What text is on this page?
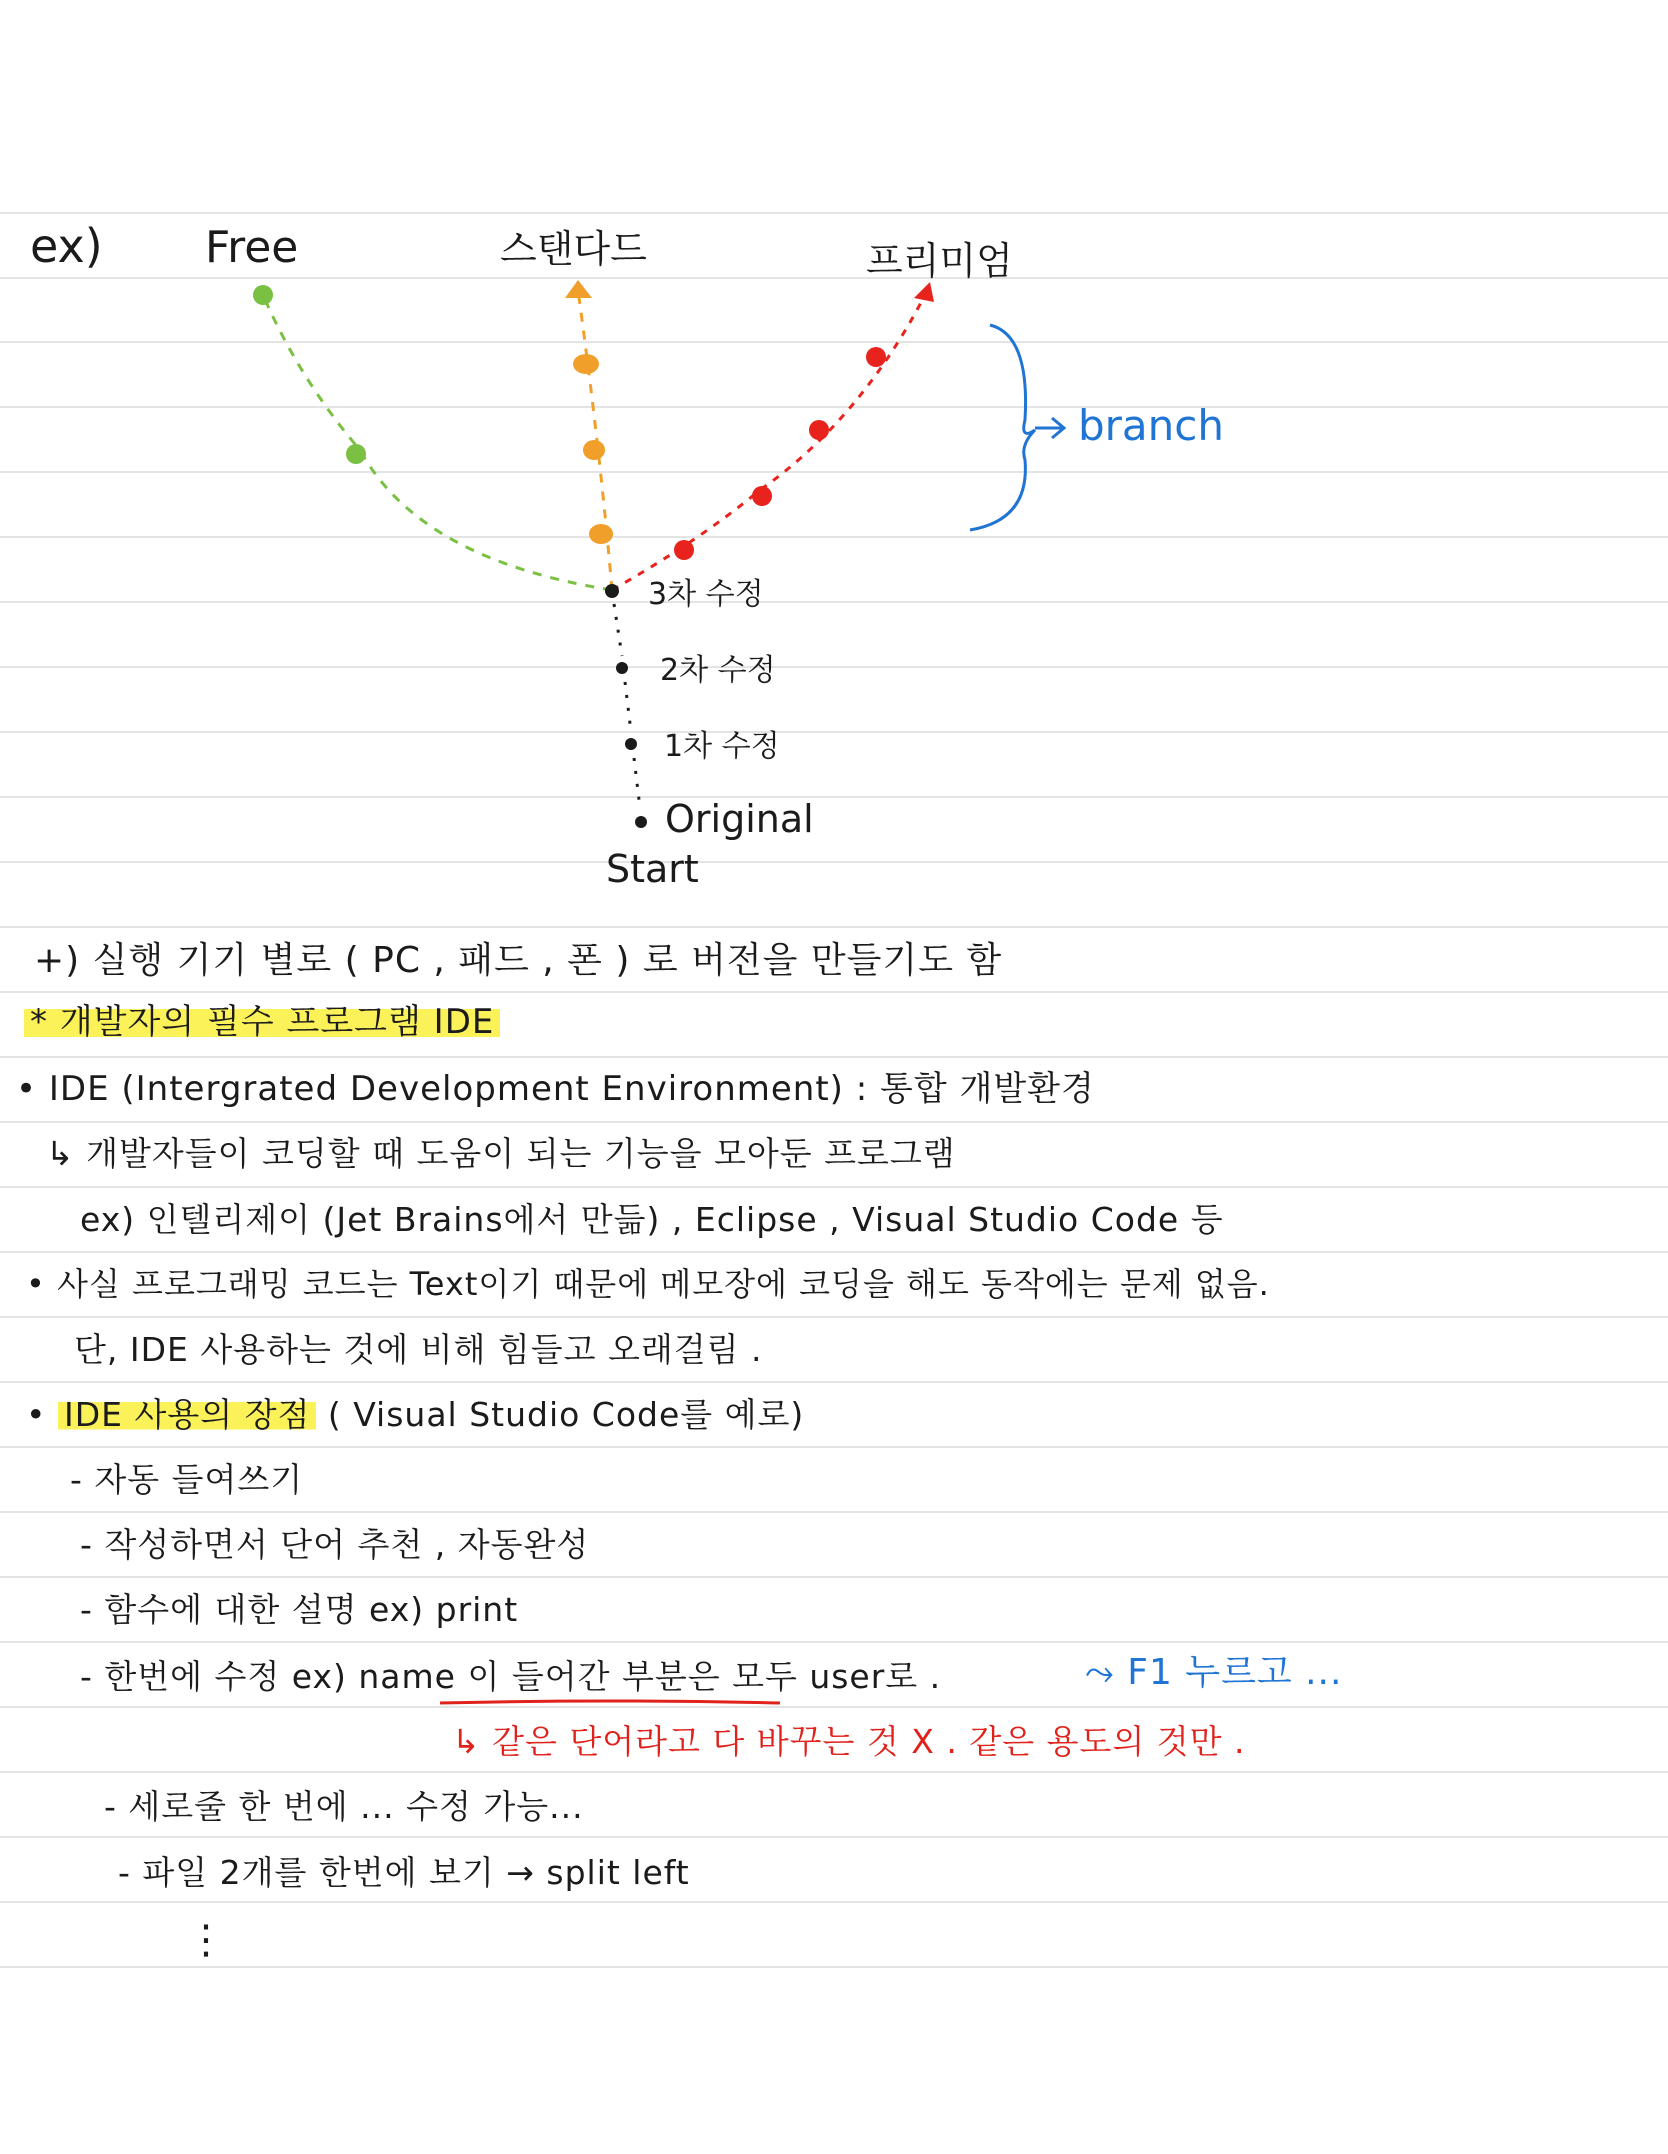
ex) Free	스탠다드	프리미엄
branch
3차 수정
2차 수정
1차 수정
Original
Start
+) 실행 기기 별로 ( PC , 패드 , 폰 ) 로 버전을 만들기도 함
* 개발자의 필수 프로그램 IDE
• IDE (Intergrated Development Environment) : 통합 개발환경
↳ 개발자들이 코딩할 때 도움이 되는 기능을 모아둔 프로그램
ex) 인텔리제이 (Jet Brains에서 만듦) , Eclipse , Visual Studio Code 등
• 사실 프로그래밍 코드는 Text이기 때문에 메모장에 코딩을 해도 동작에는 문제 없음.
단, IDE 사용하는 것에 비해 힘들고 오래걸림 .
• IDE 사용의 장점 ( Visual Studio Code를 예로)
- 자동 들여쓰기
- 작성하면서 단어 추천 , 자동완성
- 함수에 대한 설명 ex) print
- 한번에 수정 ex) name 이 들어간 부분은 모두 user로 .	⤳ F1 누르고 ...
↳ 같은 단어라고 다 바꾸는 것 X . 같은 용도의 것만 .
- 세로줄 한 번에 ... 수정 가능...
- 파일 2개를 한번에 보기 → split left
⋮
